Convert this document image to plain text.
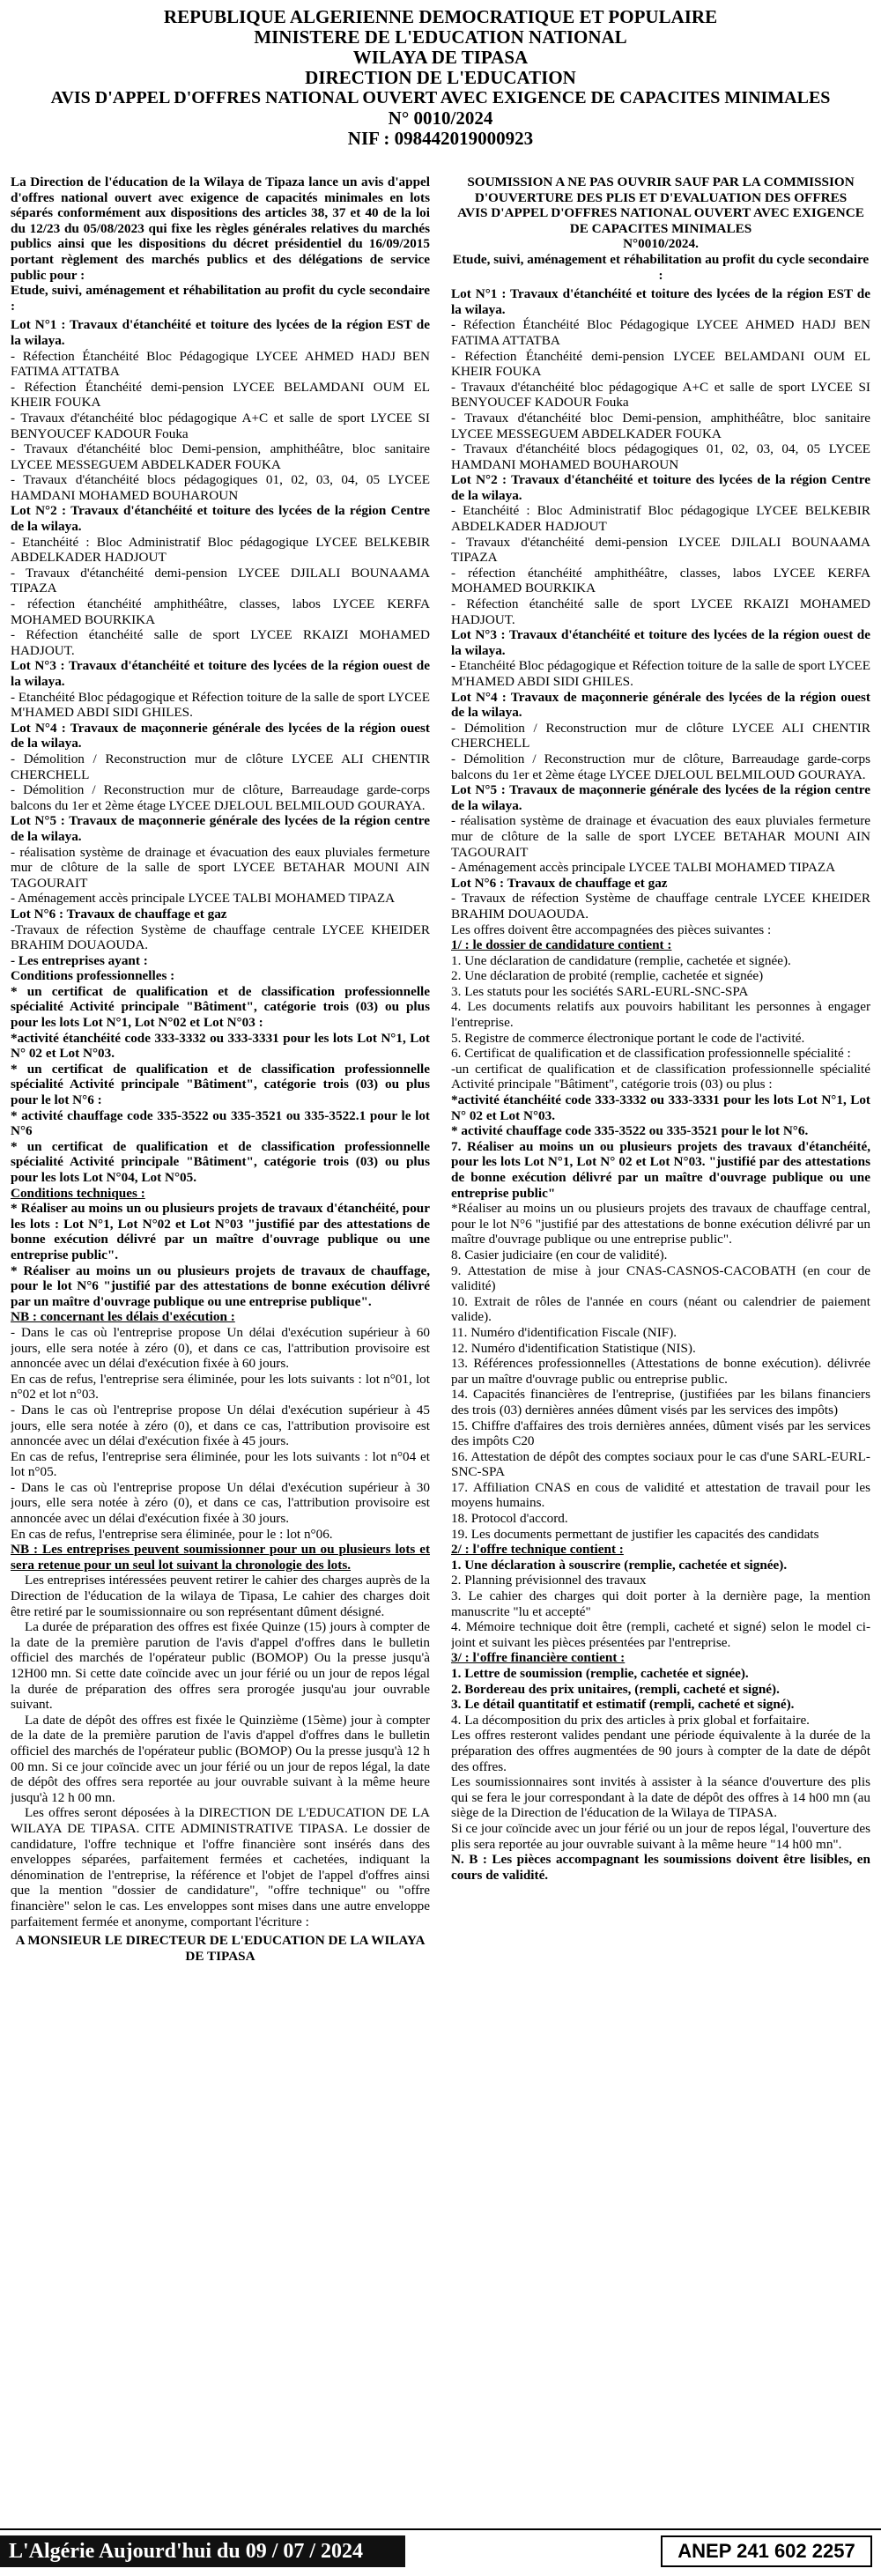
REPUBLIQUE ALGERIENNE DEMOCRATIQUE ET POPULAIRE
MINISTERE DE L'EDUCATION NATIONAL
WILAYA DE TIPASA
DIRECTION DE L'EDUCATION
AVIS D'APPEL D'OFFRES NATIONAL OUVERT AVEC EXIGENCE DE CAPACITES MINIMALES
N° 0010/2024
NIF : 098442019000923

La Direction de l'éducation de la Wilaya de Tipaza lance un avis d'appel d'offres national ouvert avec exigence de capacités minimales en lots séparés conformément aux dispositions des articles 38, 37 et 40 de la loi du 12/23 du 05/08/2023 qui fixe les règles générales relatives du marchés publics ainsi que les dispositions du décret présidentiel du 16/09/2015 portant règlement des marchés publics et des délégations de service public pour :

Etude, suivi, aménagement et réhabilitation au profit du cycle secondaire :

Lot N°1 : Travaux d'étanchéité et toiture des lycées de la région EST de la wilaya.

- Réfection Étanchéité Bloc Pédagogique LYCEE AHMED HADJ BEN FATIMA ATTATBA

- Réfection Étanchéité demi-pension LYCEE BELAMDANI OUM EL KHEIR FOUKA

- Travaux d'étanchéité bloc pédagogique A+C et salle de sport LYCEE SI BENYOUCEF KADOUR Fouka

- Travaux d'étanchéité bloc Demi-pension, amphithéâtre, bloc sanitaire LYCEE MESSEGUEM ABDELKADER FOUKA

- Travaux d'étanchéité blocs pédagogiques 01, 02, 03, 04, 05 LYCEE HAMDANI MOHAMED BOUHAROUN

Lot N°2 : Travaux d'étanchéité et toiture des lycées de la région Centre de la wilaya.

- Etanchéité : Bloc Administratif Bloc pédagogique LYCEE BELKEBIR ABDELKADER HADJOUT

- Travaux d'étanchéité demi-pension LYCEE DJILALI BOUNAAMA TIPAZA

- réfection étanchéité amphithéâtre, classes, labos LYCEE KERFA MOHAMED BOURKIKA

- Réfection étanchéité salle de sport LYCEE RKAIZI MOHAMED HADJOUT.

Lot N°3 : Travaux d'étanchéité et toiture des lycées de la région ouest de la wilaya.

- Etanchéité Bloc pédagogique et Réfection toiture de la salle de sport LYCEE M'HAMED ABDI SIDI GHILES.

Lot N°4 : Travaux de maçonnerie générale des lycées de la région ouest de la wilaya.

- Démolition / Reconstruction mur de clôture LYCEE ALI CHENTIR CHERCHELL

- Démolition / Reconstruction mur de clôture, Barreaudage garde-corps balcons du 1er et 2ème étage LYCEE DJELOUL BELMILOUD GOURAYA.

Lot N°5 : Travaux de maçonnerie générale des lycées de la région centre de la wilaya.

- réalisation système de drainage et évacuation des eaux pluviales fermeture mur de clôture de la salle de sport LYCEE BETAHAR MOUNI AIN TAGOURAIT

- Aménagement accès principale LYCEE TALBI MOHAMED TIPAZA

Lot N°6 : Travaux de chauffage et gaz

-Travaux de réfection Système de chauffage centrale LYCEE KHEIDER BRAHIM DOUAOUDA.

- Les entreprises ayant :

Conditions professionnelles :

* un certificat de qualification et de classification professionnelle spécialité Activité principale "Bâtiment", catégorie trois (03) ou plus pour les lots Lot N°1, Lot N°02 et Lot N°03 :

*activité étanchéité code 333-3332 ou 333-3331 pour les lots Lot N°1, Lot N° 02 et Lot N°03.

* un certificat de qualification et de classification professionnelle spécialité Activité principale "Bâtiment", catégorie trois (03) ou plus pour le lot N°6 :

* activité chauffage code 335-3522 ou 335-3521 ou 335-3522.1 pour le lot N°6

* un certificat de qualification et de classification professionnelle spécialité Activité principale "Bâtiment", catégorie trois (03) ou plus pour les lots Lot N°04, Lot N°05.

Conditions techniques :

* Réaliser au moins un ou plusieurs projets de travaux d'étanchéité, pour les lots : Lot N°1, Lot N°02 et Lot N°03 "justifié par des attestations de bonne exécution délivré par un maître d'ouvrage publique ou une entreprise public".

* Réaliser au moins un ou plusieurs projets de travaux de chauffage, pour le lot N°6 "justifié par des attestations de bonne exécution délivré par un maître d'ouvrage publique ou une entreprise publique".

NB : concernant les délais d'exécution :

- Dans le cas où l'entreprise propose Un délai d'exécution supérieur à 60 jours, elle sera notée à zéro (0), et dans ce cas, l'attribution provisoire est annoncée avec un délai d'exécution fixée à 60 jours.

En cas de refus, l'entreprise sera éliminée, pour les lots suivants : lot n°01, lot n°02 et lot n°03.

- Dans le cas où l'entreprise propose Un délai d'exécution supérieur à 45 jours, elle sera notée à zéro (0), et dans ce cas, l'attribution provisoire est annoncée avec un délai d'exécution fixée à 45 jours.

En cas de refus, l'entreprise sera éliminée, pour les lots suivants : lot n°04 et lot n°05.

- Dans le cas où l'entreprise propose Un délai d'exécution supérieur à 30 jours, elle sera notée à zéro (0), et dans ce cas, l'attribution provisoire est annoncée avec un délai d'exécution fixée à 30 jours.

En cas de refus, l'entreprise sera éliminée, pour le : lot n°06.

NB : Les entreprises peuvent soumissionner pour un ou plusieurs lots et sera retenue pour un seul lot suivant la chronologie des lots.

Les entreprises intéressées peuvent retirer le cahier des charges auprès de la Direction de l'éducation de la wilaya de Tipasa, Le cahier des charges doit être retiré par le soumissionnaire ou son représentant dûment désigné.

La durée de préparation des offres est fixée Quinze (15) jours à compter de la date de la première parution de l'avis d'appel d'offres dans le bulletin officiel des marchés de l'opérateur public (BOMOP) Ou la presse jusqu'à 12H00 mn. Si cette date coïncide avec un jour férié ou un jour de repos légal la durée de préparation des offres sera prorogée jusqu'au jour ouvrable suivant.

La date de dépôt des offres est fixée le Quinzième (15ème) jour à compter de la date de la première parution de l'avis d'appel d'offres dans le bulletin officiel des marchés de l'opérateur public (BOMOP) Ou la presse jusqu'à 12 h 00 mn. Si ce jour coïncide avec un jour férié ou un jour de repos légal, la date de dépôt des offres sera reportée au jour ouvrable suivant à la même heure jusqu'à 12 h 00 mn.

Les offres seront déposées à la DIRECTION DE L'EDUCATION DE LA WILAYA DE TIPASA. CITE ADMINISTRATIVE TIPASA. Le dossier de candidature, l'offre technique et l'offre financière sont insérés dans des enveloppes séparées, parfaitement fermées et cachetées, indiquant la dénomination de l'entreprise, la référence et l'objet de l'appel d'offres ainsi que la mention "dossier de candidature", "offre technique" ou "offre financière" selon le cas. Les enveloppes sont mises dans une autre enveloppe parfaitement fermée et anonyme, comportant l'écriture :

A MONSIEUR LE DIRECTEUR DE L'EDUCATION DE LA WILAYA DE TIPASA

SOUMISSION A NE PAS OUVRIR SAUF PAR LA COMMISSION D'OUVERTURE DES PLIS ET D'EVALUATION DES OFFRES

AVIS D'APPEL D'OFFRES NATIONAL OUVERT AVEC EXIGENCE DE CAPACITES MINIMALES

N°0010/2024.

Etude, suivi, aménagement et réhabilitation au profit du cycle secondaire :

Lot N°1 : Travaux d'étanchéité et toiture des lycées de la région EST de la wilaya.

- Réfection Étanchéité Bloc Pédagogique LYCEE AHMED HADJ BEN FATIMA ATTATBA

- Réfection Étanchéité demi-pension LYCEE BELAMDANI OUM EL KHEIR FOUKA

- Travaux d'étanchéité bloc pédagogique A+C et salle de sport LYCEE SI BENYOUCEF KADOUR Fouka

- Travaux d'étanchéité bloc Demi-pension, amphithéâtre, bloc sanitaire LYCEE MESSEGUEM ABDELKADER FOUKA

- Travaux d'étanchéité blocs pédagogiques 01, 02, 03, 04, 05 LYCEE HAMDANI MOHAMED BOUHAROUN

Lot N°2 : Travaux d'étanchéité et toiture des lycées de la région Centre de la wilaya.

- Etanchéité : Bloc Administratif Bloc pédagogique LYCEE BELKEBIR ABDELKADER HADJOUT

- Travaux d'étanchéité demi-pension LYCEE DJILALI BOUNAAMA TIPAZA

- réfection étanchéité amphithéâtre, classes, labos LYCEE KERFA MOHAMED BOURKIKA

- Réfection étanchéité salle de sport LYCEE RKAIZI MOHAMED HADJOUT.

Lot N°3 : Travaux d'étanchéité et toiture des lycées de la région ouest de la wilaya.

- Etanchéité Bloc pédagogique et Réfection toiture de la salle de sport LYCEE M'HAMED ABDI SIDI GHILES.

Lot N°4 : Travaux de maçonnerie générale des lycées de la région ouest de la wilaya.

- Démolition / Reconstruction mur de clôture LYCEE ALI CHENTIR CHERCHELL

- Démolition / Reconstruction mur de clôture, Barreaudage garde-corps balcons du 1er et 2ème étage LYCEE DJELOUL BELMILOUD GOURAYA.

Lot N°5 : Travaux de maçonnerie générale des lycées de la région centre de la wilaya.

- réalisation système de drainage et évacuation des eaux pluviales fermeture mur de clôture de la salle de sport LYCEE BETAHAR MOUNI AIN TAGOURAIT

- Aménagement accès principale LYCEE TALBI MOHAMED TIPAZA

Lot N°6 : Travaux de chauffage et gaz

- Travaux de réfection Système de chauffage centrale LYCEE KHEIDER BRAHIM DOUAOUDA.

Les offres doivent être accompagnées des pièces suivantes :

1/ : le dossier de candidature contient :

1. Une déclaration de candidature (remplie, cachetée et signée).

2. Une déclaration de probité (remplie, cachetée et signée)

3. Les statuts pour les sociétés SARL-EURL-SNC-SPA

4. Les documents relatifs aux pouvoirs habilitant les personnes à engager l'entreprise.

5. Registre de commerce électronique portant le code de l'activité.

6. Certificat de qualification et de classification professionnelle spécialité :

-un certificat de qualification et de classification professionnelle spécialité Activité principale "Bâtiment", catégorie trois (03) ou plus :

*activité étanchéité code 333-3332 ou 333-3331 pour les lots Lot N°1, Lot N° 02 et Lot N°03.

* activité chauffage code 335-3522 ou 335-3521 pour le lot N°6.

7. Réaliser au moins un ou plusieurs projets des travaux d'étanchéité, pour les lots Lot N°1, Lot N° 02 et Lot N°03. "justifié par des attestations de bonne exécution délivré par un maître d'ouvrage publique ou une entreprise public"

*Réaliser au moins un ou plusieurs projets des travaux de chauffage central, pour le lot N°6 "justifié par des attestations de bonne exécution délivré par un maître d'ouvrage publique ou une entreprise public".

8. Casier judiciaire (en cour de validité).

9. Attestation de mise à jour CNAS-CASNOS-CACOBATH (en cour de validité)

10. Extrait de rôles de l'année en cours (néant ou calendrier de paiement valide).

11. Numéro d'identification Fiscale (NIF).

12. Numéro d'identification Statistique (NIS).

13. Références professionnelles (Attestations de bonne exécution). délivrée par un maître d'ouvrage public ou entreprise public.

14. Capacités financières de l'entreprise, (justifiées par les bilans financiers des trois (03) dernières années dûment visés par les services des impôts)

15. Chiffre d'affaires des trois dernières années, dûment visés par les services des impôts C20

16. Attestation de dépôt des comptes sociaux pour le cas d'une SARL-EURL-SNC-SPA

17. Affiliation CNAS en cous de validité et attestation de travail pour les moyens humains.

18. Protocol d'accord.

19. Les documents permettant de justifier les capacités des candidats

2/ : l'offre technique contient :

1. Une déclaration à souscrire (remplie, cachetée et signée).

2. Planning prévisionnel des travaux

3. Le cahier des charges qui doit porter à la dernière page, la mention manuscrite "lu et accepté"

4. Mémoire technique doit être (rempli, cacheté et signé) selon le model ci-joint et suivant les pièces présentées par l'entreprise.

3/ : l'offre financière contient :

1. Lettre de soumission (remplie, cachetée et signée).

2. Bordereau des prix unitaires, (rempli, cacheté et signé).

3. Le détail quantitatif et estimatif (rempli, cacheté et signé).

4. La décomposition du prix des articles à prix global et forfaitaire.

Les offres resteront valides pendant une période équivalente à la durée de la préparation des offres augmentées de 90 jours à compter de la date de dépôt des offres.

Les soumissionnaires sont invités à assister à la séance d'ouverture des plis qui se fera le jour correspondant à la date de dépôt des offres à 14 h00 mn (au siège de la Direction de l'éducation de la Wilaya de TIPASA.

Si ce jour coïncide avec un jour férié ou un jour de repos légal, l'ouverture des plis sera reportée au jour ouvrable suivant à la même heure "14 h00 mn".

N. B : Les pièces accompagnant les soumissions doivent être lisibles, en cours de validité.

L'Algérie Aujourd'hui du 09 / 07 / 2024	ANEP 241 602 2257
